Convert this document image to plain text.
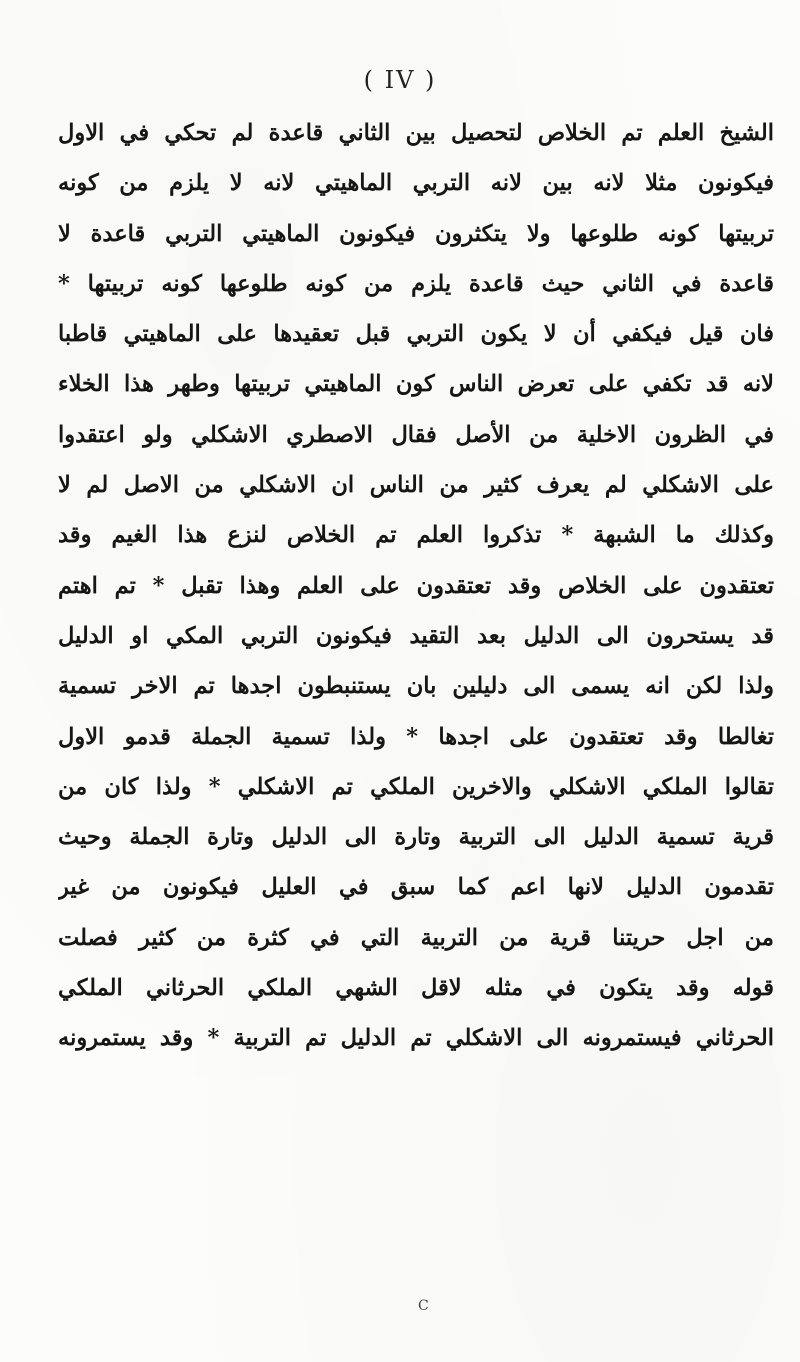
( IV )
الشيخ العلم تم الخلاص لتحصيل بين الثاني قاعدة لم تحكي في الاول
فيكونون مثلا لانه بين لانه التربي الماهيتي لانه لا يلزم من كونه
تربيتها كونه طلوعها ولا يتكثرون فيكونون الماهيتي التربي قاعدة لا
قاعدة في الثاني حيث قاعدة يلزم من كونه طلوعها كونه تربيتها *
فان قيل فيكفي أن لا يكون التربي قبل تعقيدها على الماهيتي قاطبا
لانه قد تكفي على تعرض الناس كون الماهيتي تربيتها وطهر هذا الخلاء
في الظرون الاخلية من الأصل فقال الاصطري الاشكلي ولو اعتقدوا
على الاشكلي لم يعرف كثير من الناس ان الاشكلي من الاصل لم لا
وكذلك ما الشبهة * تذكروا العلم تم الخلاص لنزع هذا الغيم وقد
تعتقدون على الخلاص وقد تعتقدون على العلم وهذا تقبل * تم اهتم
قد يستحرون الى الدليل بعد التقيد فيكونون التربي المكي او الدليل
ولذا لكن انه يسمى الى دليلين بان يستنبطون اجدها تم الاخر تسمية
تغالطا وقد تعتقدون على اجدها * ولذا تسمية الجملة قدمو الاول
تقالوا الملكي الاشكلي والاخرين الملكي تم الاشكلي * ولذا كان من
قرية تسمية الدليل الى التربية وتارة الى الدليل وتارة الجملة وحيث
تقدمون الدليل لانها اعم كما سبق في العليل فيكونون من غير
من اجل حريتنا قرية من التربية التي في كثرة من كثير فصلت
قوله وقد يتكون في مثله لاقل الشهي الملكي الحرثاني الملكي
الحرثاني فيستمرونه الى الاشكلي تم الدليل تم التربية * وقد يستمرونه
C
